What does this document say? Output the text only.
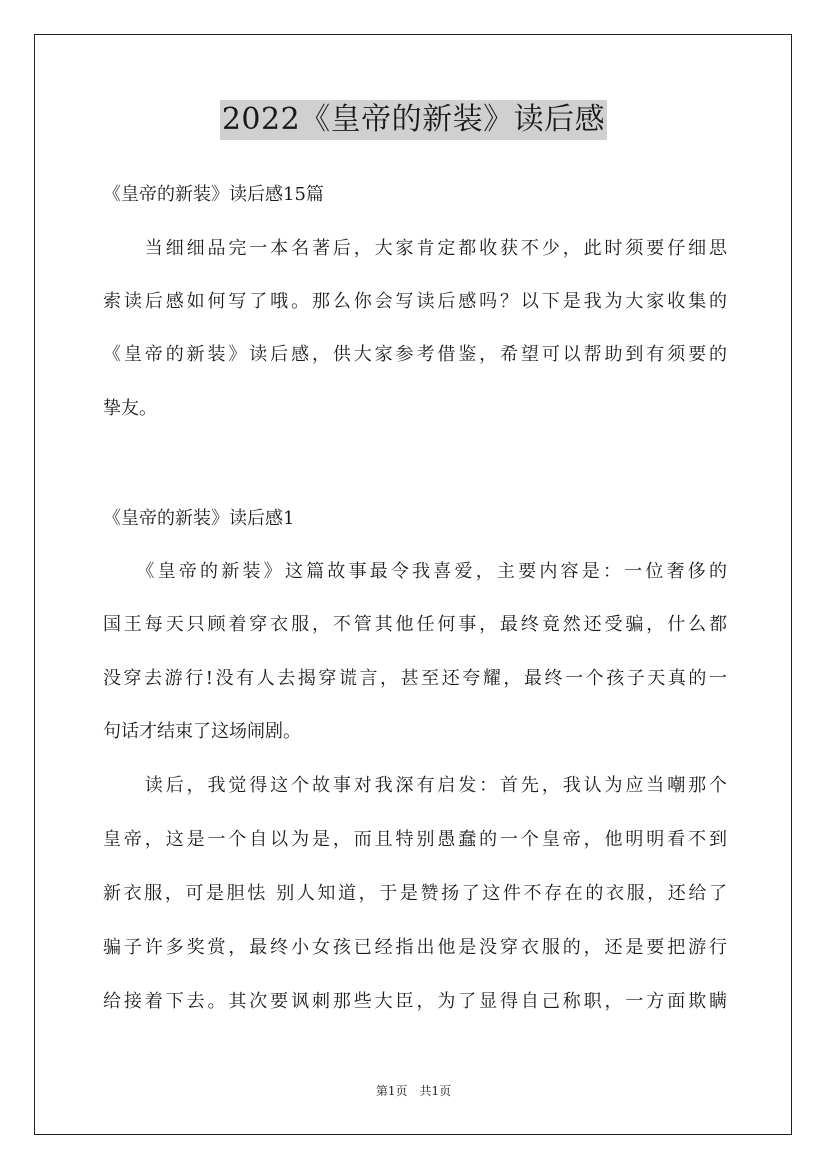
2022《皇帝的新装》读后感
《皇帝的新装》读后感15篇
　　当细细品完一本名著后，大家肯定都收获不少，此时须要仔细思
索读后感如何写了哦。那么你会写读后感吗？以下是我为大家收集的
《皇帝的新装》读后感，供大家参考借鉴，希望可以帮助到有须要的
挚友。
《皇帝的新装》读后感1
　　《皇帝的新装》这篇故事最令我喜爱，主要内容是：一位奢侈的
国王每天只顾着穿衣服，不管其他任何事，最终竟然还受骗，什么都
没穿去游行!没有人去揭穿谎言，甚至还夸耀，最终一个孩子天真的一
句话才结束了这场闹剧。
　　读后，我觉得这个故事对我深有启发：首先，我认为应当嘲那个
皇帝，这是一个自以为是，而且特别愚蠢的一个皇帝，他明明看不到
新衣服，可是胆怯 别人知道，于是赞扬了这件不存在的衣服，还给了
骗子许多奖赏，最终小女孩已经指出他是没穿衣服的，还是要把游行
给接着下去。其次要讽刺那些大臣，为了显得自己称职，一方面欺瞒
第1页　共1页
